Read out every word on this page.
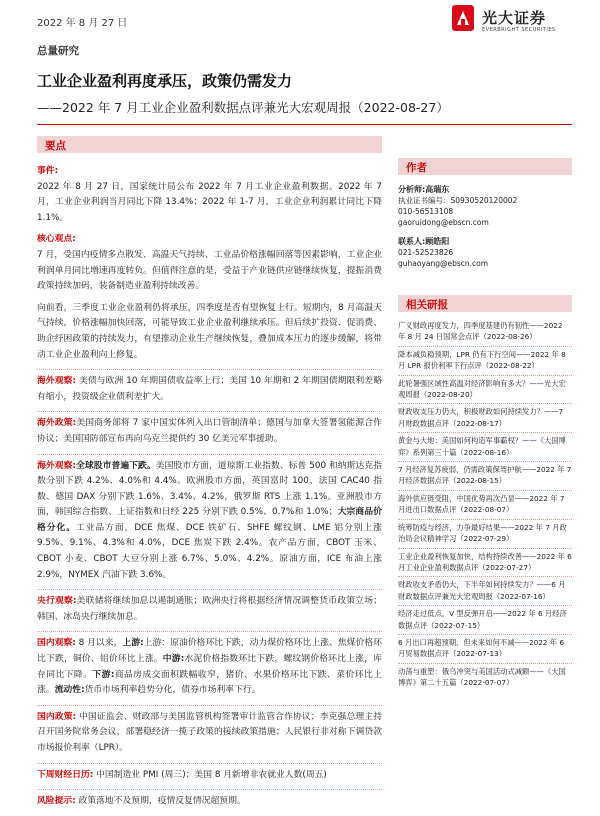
2022 年 8 月 27 日	光大证券
EVERBRIGHT SECURITIES
总量研究
工业企业盈利再度承压，政策仍需发力
——2022 年 7 月工业企业盈利数据点评兼光大宏观周报（2022-08-27）
要点
作者
相关研报
事件:

2022 年 8 月 27 日，国家统计局公布 2022 年 7 月工业企业盈利数据。2022 年 7 月，工业企业利润当月同比下降 13.4%；2022 年 1-7 月，工业企业利润累计同比下降 1.1%。

核心观点:

7 月，受国内疫情多点散发、高温天气持续、工业品价格涨幅回落等因素影响，工业企业利润单月同比增速再度转负。但值得注意的是，受益于产业链供应链继续恢复，提振消费政策持续加码，装备制造业盈利持续改善。

向前看，三季度工业企业盈利仍将承压，四季度是否有望恢复上行。短期内，8 月高温天气持续，价格涨幅加快回落，可能导致工业企业盈利继续承压。但后续扩投资、促消费、助企纾困政策的持续发力，有望推动企业生产继续恢复，叠加成本压力的逐步缓解，将带动工业企业盈利向上修复。

海外观察: 美债与欧洲 10 年期国债收益率上行；美国 10 年期和 2 年期国债期限利差略有缩小，投资级企业债利差扩大。

海外政策:美国商务部将 7 家中国实体列入出口管制清单；德国与加拿大签署氢能源合作协议；美国国防部宣布再向乌克兰提供约 30 亿美元军事援助。

海外观察:全球股市普遍下跌。美国股市方面，道琼斯工业指数、标普 500 和纳斯达克指数分别下跌 4.2%、4.0%和 4.4%。欧洲股市方面，英国富时 100、法国 CAC40 指数、德国 DAX 分别下跌 1.6%、3.4%、4.2%，俄罗斯 RTS 上涨 1.1%。亚洲股市方面，韩国综合指数、上证指数和日经 225 分别下跌 0.5%、0.7%和 1.0%；大宗商品价格分化。工业品方面，DCE 焦煤、DCE 铁矿石、SHFE 螺纹钢、LME 铝分别上涨 9.5%、9.1%、4.3%和 4.0%，DCE 焦炭下跌 2.4%。农产品方面，CBOT 玉米、CBOT 小麦、CBOT 大豆分别上涨 6.7%、5.0%、4.2%。原油方面，ICE 布油上涨 2.9%，NYMEX 汽油下跌 3.6%。

央行观察:美联储将继续加息以遏制通胀；欧洲央行将根据经济情况调整货币政策立场；韩国、冰岛央行继续加息。

国内观察: 8 月以来，上游:上游：原油价格环比下跌，动力煤价格环比上涨、焦煤价格环比下跌，铜价、铝价环比上涨。中游:水泥价格指数环比下跌，螺纹钢价格环比上涨，库存同比下降。下游:商品房成交面积跌幅收窄，猪价、水果价格环比下跌、菜价环比上涨。流动性:货币市场利率趋势分化，债券市场利率下行。

国内政策: 中国证监会、财政部与美国监管机构签署审计监管合作协议；李克强总理主持召开国务院常务会议，部署稳经济一揽子政策的接续政策措施；人民银行非对称下调贷款市场报价利率（LPR）。

下周财经日历: 中国制造业 PMI (周三)；美国 8 月新增非农就业人数(周五)

风险提示: 政策落地不及预期，疫情反复情况超预期。

分析师:高瑞东
执业证书编号：S0930520120002
010-56513108
gaoruidong@ebscn.com
联系人:顾皓阳
021-52523826
guhaoyang@ebscn.com
广义财政再度发力，四季度基建仍有韧性——2022 年 8 月 24 日国常会点评（2022-08-26）
降本减负稳预期，LPR 仍有下行空间——2022 年 8 月 LPR 报价利率下行点评（2022-08-22）
此轮暑强区域性高温对经济影响有多大？——光大宏观周报（2022-08-20）
财政收支压力仍大，积极财政如何持续发力？——7 月财政数据点评（2022-08-17）
黄金与大地：美国如何构造军事霸权？——《大国博弈》系列第三十篇（2022-08-16）
7 月经济复苏疲弱，仍需政策保驾护航——2022 年 7 月经济数据点评（2022-08-15）
海外供应链受阻，中国优势再次凸显——2022 年 7 月进出口数据点评（2022-08-07）
统筹防疫与经济，力争最好结果——2022 年 7 月政治局会议精神学习（2022-07-29）
工业企业盈利恢复加快，结构持续改善——2022 年 6 月工业企业盈利数据点评（2022-07-27）
财政收支矛盾仍大，下半年如何持续发力？——6 月财政数据点评兼光大宏观周报（2022-07-16）
经济走过低点，V 型反弹开启——2022 年 6 月经济数据点评（2022-07-15）
6 月出口再超预期，但未来如何不减——2022 年 6 月贸易数据点评（2022-07-13）
动荡与重塑：俄乌冲突与美国活动式减额——《大国博弈》第二十五篇（2022-07-07）
